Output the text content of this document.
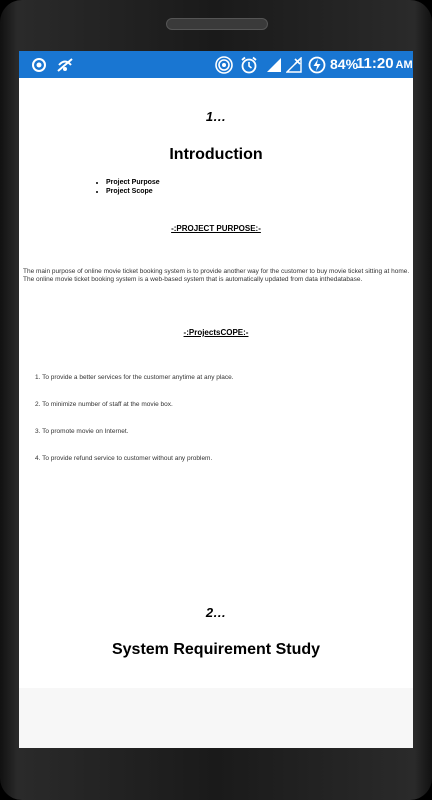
84%
11:20 AM
1…
Introduction
• Project Purpose
• Project Scope
-:PROJECT PURPOSE:-
The main purpose of online movie ticket booking system is to provide another way for the customer to buy movie ticket sitting at home. The online movie ticket booking system is a web-based system that is automatically updated from data inthedatabase.
-:ProjectsCOPE:-
1. To provide a better services for the customer anytime at any place.
2. To minimize number of staff at the movie box.
3. To promote movie on Internet.
4. To provide refund service to customer without any problem.
2…
System Requirement Study
